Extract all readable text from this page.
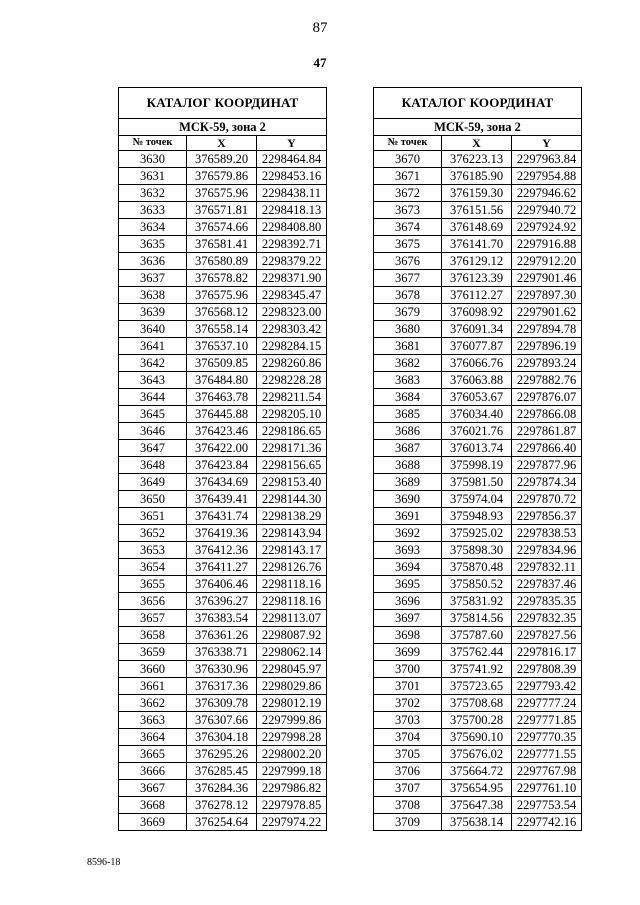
87
47
КАТАЛОГ КООРДИНАТ		
МСК-59, зона 2		
№ точек	X	Y
3630	376589.20	2298464.84
3631	376579.86	2298453.16
3632	376575.96	2298438.11
3633	376571.81	2298418.13
3634	376574.66	2298408.80
3635	376581.41	2298392.71
3636	376580.89	2298379.22
3637	376578.82	2298371.90
3638	376575.96	2298345.47
3639	376568.12	2298323.00
3640	376558.14	2298303.42
3641	376537.10	2298284.15
3642	376509.85	2298260.86
3643	376484.80	2298228.28
3644	376463.78	2298211.54
3645	376445.88	2298205.10
3646	376423.46	2298186.65
3647	376422.00	2298171.36
3648	376423.84	2298156.65
3649	376434.69	2298153.40
3650	376439.41	2298144.30
3651	376431.74	2298138.29
3652	376419.36	2298143.94
3653	376412.36	2298143.17
3654	376411.27	2298126.76
3655	376406.46	2298118.16
3656	376396.27	2298118.16
3657	376383.54	2298113.07
3658	376361.26	2298087.92
3659	376338.71	2298062.14
3660	376330.96	2298045.97
3661	376317.36	2298029.86
3662	376309.78	2298012.19
3663	376307.66	2297999.86
3664	376304.18	2297998.28
3665	376295.26	2298002.20
3666	376285.45	2297999.18
3667	376284.36	2297986.82
3668	376278.12	2297978.85
3669	376254.64	2297974.22
КАТАЛОГ КООРДИНАТ		
МСК-59, зона 2		
№ точек	X	Y
3670	376223.13	2297963.84
3671	376185.90	2297954.88
3672	376159.30	2297946.62
3673	376151.56	2297940.72
3674	376148.69	2297924.92
3675	376141.70	2297916.88
3676	376129.12	2297912.20
3677	376123.39	2297901.46
3678	376112.27	2297897.30
3679	376098.92	2297901.62
3680	376091.34	2297894.78
3681	376077.87	2297896.19
3682	376066.76	2297893.24
3683	376063.88	2297882.76
3684	376053.67	2297876.07
3685	376034.40	2297866.08
3686	376021.76	2297861.87
3687	376013.74	2297866.40
3688	375998.19	2297877.96
3689	375981.50	2297874.34
3690	375974.04	2297870.72
3691	375948.93	2297856.37
3692	375925.02	2297838.53
3693	375898.30	2297834.96
3694	375870.48	2297832.11
3695	375850.52	2297837.46
3696	375831.92	2297835.35
3697	375814.56	2297832.35
3698	375787.60	2297827.56
3699	375762.44	2297816.17
3700	375741.92	2297808.39
3701	375723.65	2297793.42
3702	375708.68	2297777.24
3703	375700.28	2297771.85
3704	375690.10	2297770.35
3705	375676.02	2297771.55
3706	375664.72	2297767.98
3707	375654.95	2297761.10
3708	375647.38	2297753.54
3709	375638.14	2297742.16
8596-18
